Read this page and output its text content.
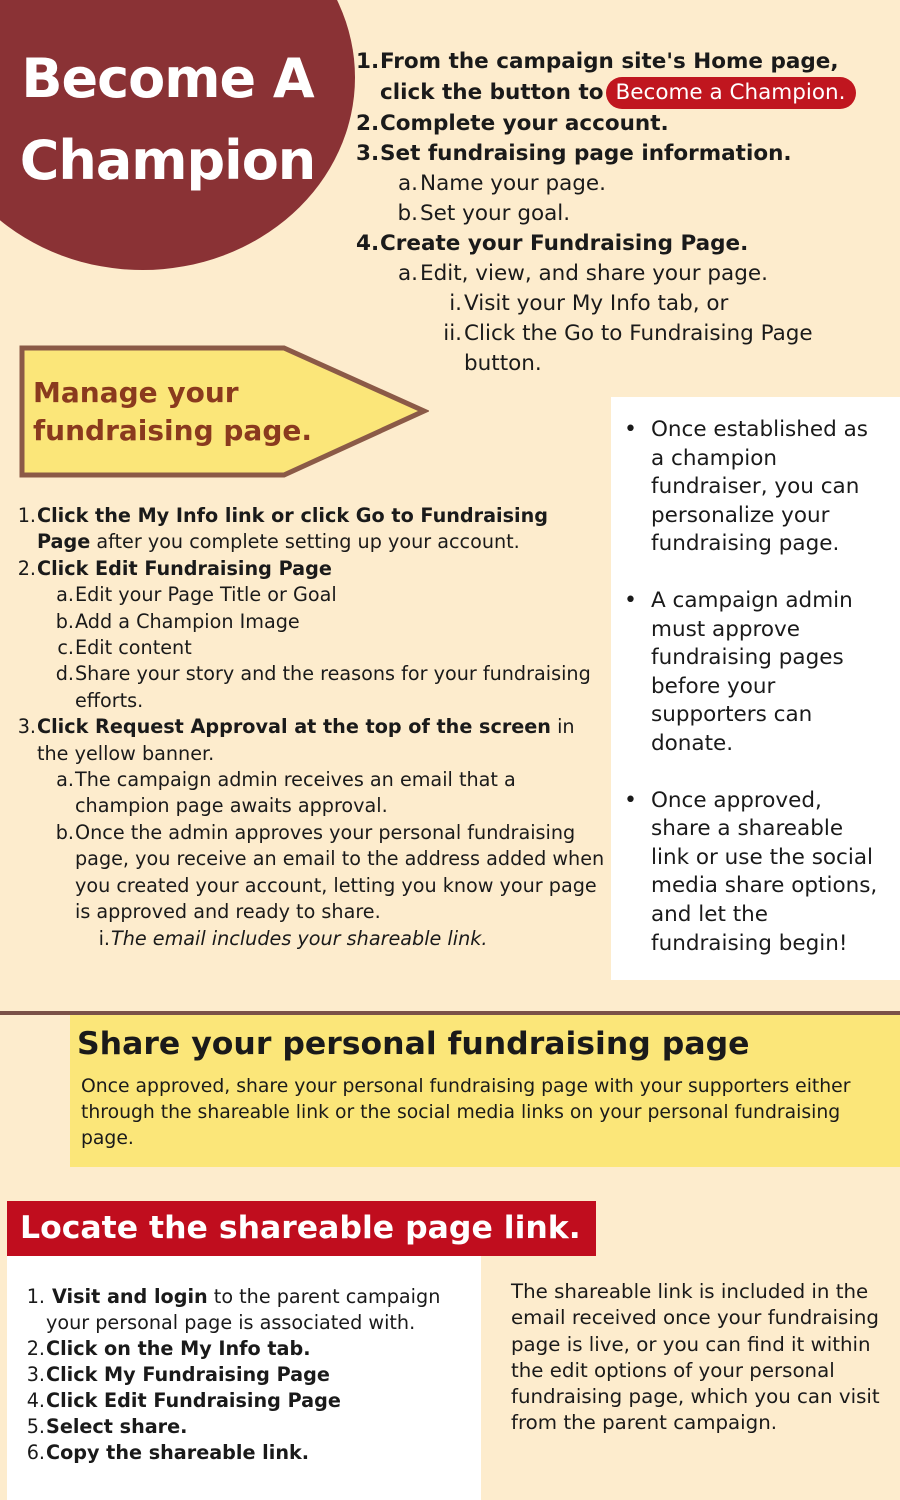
Become A
Champion
1. From the campaign site's Home page, click the button to Become a Champion.
2. Complete your account.
3. Set fundraising page information.
a. Name your page.
b. Set your goal.
4. Create your Fundraising Page.
a. Edit, view, and share your page.
i. Visit your My Info tab, or
ii. Click the Go to Fundraising Page button.
Manage your fundraising page.
•	Once established as a champion fundraiser, you can personalize your fundraising page.
• A campaign admin must approve fundraising pages before your supporters can donate.
• Once approved, share a shareable link or use the social media share options, and let the fundraising begin!
1. Click the My Info link or click Go to Fundraising Page after you complete setting up your account.
2. Click Edit Fundraising Page
a. Edit your Page Title or Goal
b. Add a Champion Image
c. Edit content
d. Share your story and the reasons for your fundraising efforts.
3. Click Request Approval at the top of the screen in the yellow banner.
a. The campaign admin receives an email that a champion page awaits approval.
b. Once the admin approves your personal fundraising page, you receive an email to the address added when you created your account, letting you know your page is approved and ready to share.
i. The email includes your shareable link.
Share your personal fundraising page
Once approved, share your personal fundraising page with your supporters either through the shareable link or the social media links on your personal fundraising page.
Locate the shareable page link.
1. Visit and login to the parent campaign your personal page is associated with.
2. Click on the My Info tab.
3. Click My Fundraising Page
4. Click Edit Fundraising Page
5. Select share.
6. Copy the shareable link.
The shareable link is included in the email received once your fundraising page is live, or you can find it within the edit options of your personal fundraising page, which you can visit from the parent campaign.
